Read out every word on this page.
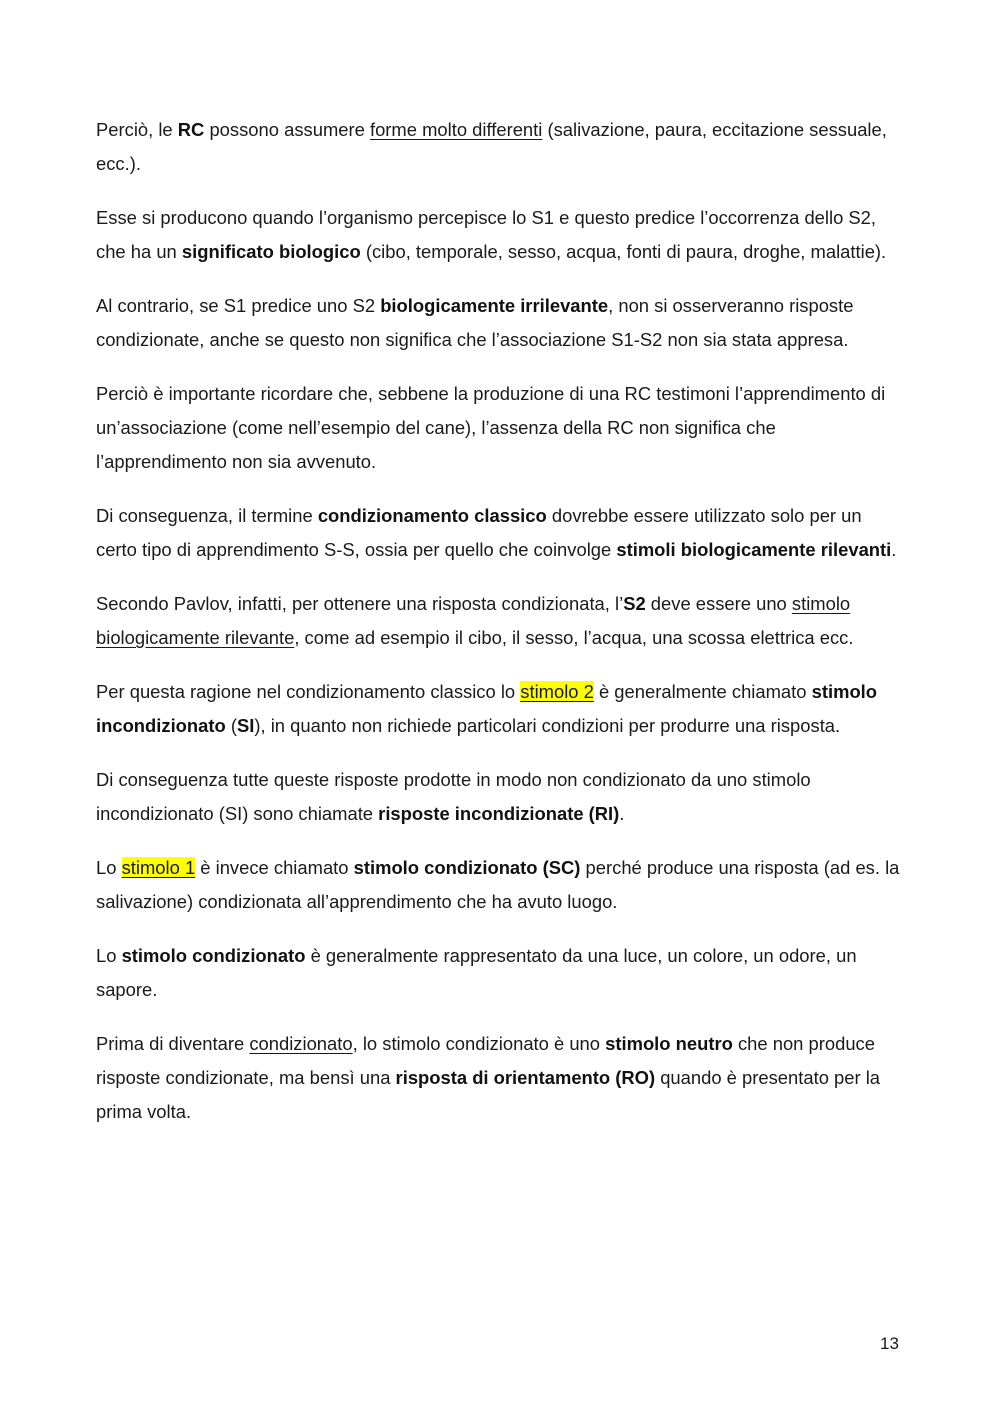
Perciò, le RC possono assumere forme molto differenti (salivazione, paura, eccitazione sessuale, ecc.).

Esse si producono quando l’organismo percepisce lo S1 e questo predice l’occorrenza dello S2, che ha un significato biologico (cibo, temporale, sesso, acqua, fonti di paura, droghe, malattie).

Al contrario, se S1 predice uno S2 biologicamente irrilevante, non si osserveranno risposte condizionate, anche se questo non significa che l’associazione S1-S2 non sia stata appresa.

Perciò è importante ricordare che, sebbene la produzione di una RC testimoni l’apprendimento di un’associazione (come nell’esempio del cane), l’assenza della RC non significa che l’apprendimento non sia avvenuto.

Di conseguenza, il termine condizionamento classico dovrebbe essere utilizzato solo per un certo tipo di apprendimento S-S, ossia per quello che coinvolge stimoli biologicamente rilevanti.

Secondo Pavlov, infatti, per ottenere una risposta condizionata, l’S2 deve essere uno stimolo biologicamente rilevante, come ad esempio il cibo, il sesso, l’acqua, una scossa elettrica ecc.

Per questa ragione nel condizionamento classico lo stimolo 2 è generalmente chiamato stimolo incondizionato (SI), in quanto non richiede particolari condizioni per produrre una risposta.

Di conseguenza tutte queste risposte prodotte in modo non condizionato da uno stimolo incondizionato (SI) sono chiamate risposte incondizionate (RI).

Lo stimolo 1 è invece chiamato stimolo condizionato (SC) perché produce una risposta (ad es. la salivazione) condizionata all’apprendimento che ha avuto luogo.

Lo stimolo condizionato è generalmente rappresentato da una luce, un colore, un odore, un sapore.

Prima di diventare condizionato, lo stimolo condizionato è uno stimolo neutro che non produce risposte condizionate, ma bensì una risposta di orientamento (RO) quando è presentato per la prima volta.

13
